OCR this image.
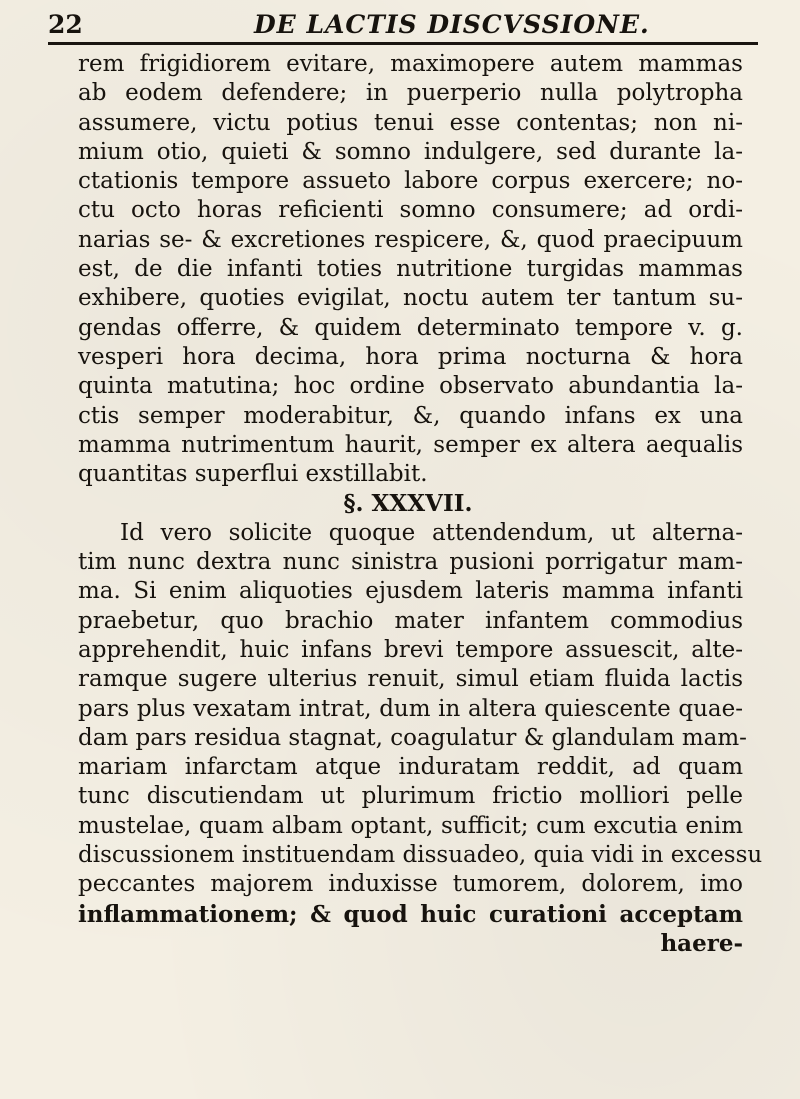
22	DE LACTIS DISCVSSIONE.
rem frigidiorem evitare, maximopere autem mammas
ab eodem defendere; in puerperio nulla polytropha
assumere, victu potius tenui esse contentas; non ni-
mium otio, quieti & somno indulgere, sed durante la-
ctationis tempore assueto labore corpus exercere; no-
ctu octo horas reficienti somno consumere; ad ordi-
narias se- & excretiones respicere, &, quod praecipuum
est, de die infanti toties nutritione turgidas mammas
exhibere, quoties evigilat, noctu autem ter tantum su-
gendas offerre, & quidem determinato tempore v. g.
vesperi hora decima, hora prima nocturna & hora
quinta matutina; hoc ordine observato abundantia la-
ctis semper moderabitur, &, quando infans ex una
mamma nutrimentum haurit, semper ex altera aequalis
quantitas superflui exstillabit.
§. XXXVII.
Id vero solicite quoque attendendum, ut alterna-
tim nunc dextra nunc sinistra pusioni porrigatur mam-
ma. Si enim aliquoties ejusdem lateris mamma infanti
praebetur, quo brachio mater infantem commodius
apprehendit, huic infans brevi tempore assuescit, alte-
ramque sugere ulterius renuit, simul etiam fluida lactis
pars plus vexatam intrat, dum in altera quiescente quae-
dam pars residua stagnat, coagulatur & glandulam mam-
mariam infarctam atque induratam reddit, ad quam
tunc discutiendam ut plurimum frictio molliori pelle
mustelae, quam albam optant, sufficit; cum excutia enim
discussionem instituendam dissuadeo, quia vidi in excessu
peccantes majorem induxisse tumorem, dolorem, imo
inflammationem; & quod huic curationi acceptam
haere-
